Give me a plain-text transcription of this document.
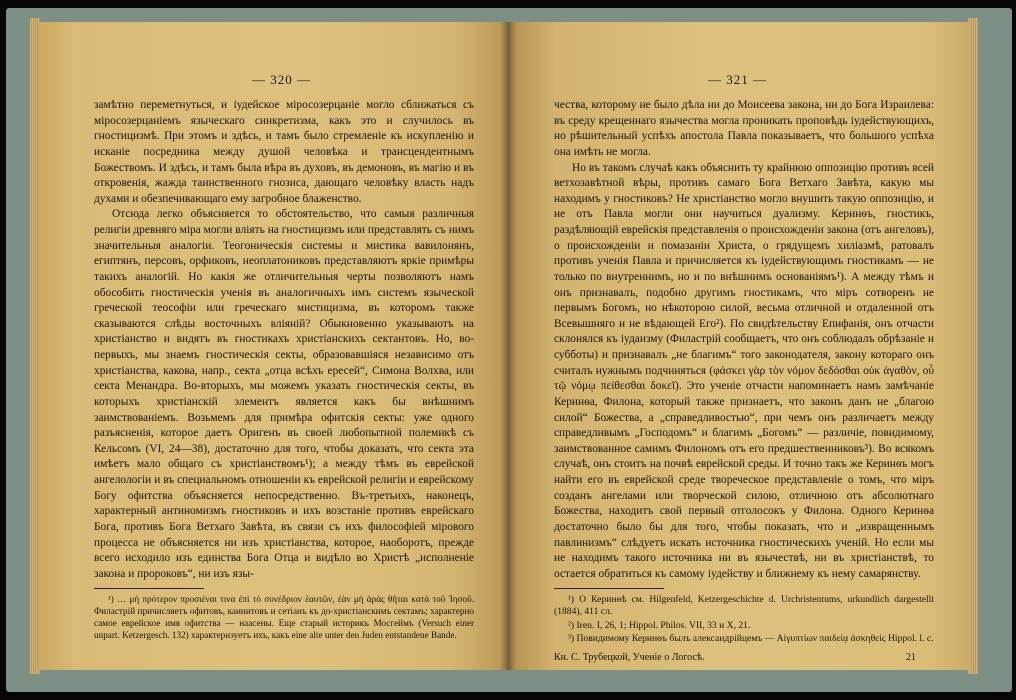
— 320 —

замѣтно переметнуться, и іудейское міросозерцаніе могло сближаться съ міросозерцаніемъ языческаго синкретизма, какъ это и случилось въ гностицизмѣ. При этомъ и здѣсь, и тамъ было стремленіе къ искупленію и исканіе посредника между душой человѣка и трансцендентнымъ Божествомъ. И здѣсь, и тамъ была вѣра въ духовъ, въ демоновъ, въ магію и въ откровенія, жажда таинственного гнозиса, дающаго человѣку власть надъ духами и обезпечивающаго ему загробное блаженство.

Отсюда легко объясняется то обстоятельство, что самыя различныя религіи древняго міра могли вліять на гностицизмъ или представлять съ нимъ значительныя аналогіи. Теогоническія системы и мистика вавилонянъ, египтянъ, персовъ, орфиковъ, неоплатониковъ представляютъ яркіе примѣры такихъ аналогій. Но какія же отличительныя черты позволяютъ намъ обособить гностическія ученія въ аналогичныхъ имъ системъ языческой греческой теософіи или греческаго мистицизма, въ которомъ также сказываются слѣды восточныхъ вліяній? Обыкновенно указываютъ на христіанство и видятъ въ гностикахъ христіанскихъ сектантовъ. Но, во-первыхъ, мы знаемъ гностическія секты, образовавшіяся независимо отъ христіанства, какова, напр., секта „отца всѣхъ ересей“, Симона Волхва, или секта Менандра. Во-вторыхъ, мы можемъ указать гностическія секты, въ которыхъ христіанскій элементъ является какъ бы внѣшнимъ заимствованіемъ. Возьмемъ для примѣра офитскія секты: уже одного разъясненія, которое даетъ Оригенъ въ своей любопытной полемикѣ съ Кельсомъ (VI, 24—38), достаточно для того, чтобы доказать, что секта эта имѣетъ мало общаго съ христіанствомъ¹); а между тѣмъ въ еврейской ангелологіи и въ специальномъ отношеніи къ еврейской религіи и еврейскому Богу офитства объясняется непосредственно. Въ-третьихъ, наконецъ, характерный антиномизмъ гностиковъ и ихъ возстаніе противъ еврейскаго Бога, противъ Бога Ветхаго Завѣта, въ связи съ ихъ философіей мірового процесса не объясняется ни изъ христіанства, которое, наоборотъ, прежде всего исходило изъ единства Бога Отца и видѣло во Христѣ „исполненіе закона и пророковъ“, ни изъ язы-

¹) … μὴ πρότερον προσιέναι τινα ἐπὶ τὸ συνέδριον ἑαυτῶν, ἐὰν μὴ ἀρὰς θῆται κατὰ τοῦ Ἰησοῦ. Филастрій причисляетъ офитовъ, каинитовъ и сетіанъ къ до-христіанскимъ сектамъ; характерно самое еврейское имя офитства — наасены. Еще старый историкъ Мосгеймъ (Versuch einer unpart. Ketzergesch. 132) характеризуетъ ихъ, какъ eine alte unter den Juden entstandene Bande.

— 321 —

чества, которому не было дѣла ни до Моисеева закона, ни до Бога Израилева: въ среду крещеннаго язычества могла проникать проповѣдь іудействующихъ, но рѣшительный успѣхъ апостола Павла показываетъ, что большого успѣха она имѣть не могла.

Но въ такомъ случаѣ какъ объяснить ту крайнюю оппозицію противъ всей ветхозавѣтной вѣры, противъ самаго Бога Ветхаго Завѣта, какую мы находимъ у гностиковъ? Не христіанство могло внушить такую оппозицію, и не отъ Павла могли они научиться дуализму. Керинѳъ, гностикъ, раздѣляющій еврейскія представленія о происхожденіи закона (отъ ангеловъ), о происхожденіи и помазаніи Христа, о грядущемъ хиліазмѣ, ратовалъ противъ ученія Павла и причисляется къ іудействующимъ гностикамъ — не только по внутреннимъ, но и по внѣшнимъ основаніямъ¹). А между тѣмъ и онъ признавалъ, подобно другимъ гностикамъ, что міръ сотворенъ не первымъ Богомъ, но нѣкоторою силой, весьма отличной и отдаленной отъ Всевышняго и не вѣдающей Его²). По свидѣтельству Епифанія, онъ отчасти склонялся къ іудаизму (Филастрій сообщаетъ, что онъ соблюдалъ обрѣзаніе и субботы) и признавалъ „не благимъ“ того законодателя, закону котораго онъ считалъ нужнымъ подчиняться (φάσκει γὰρ τὸν νόμον δεδόσθαι οὐκ ἀγαθὸν, οὗ τῷ νόμῳ πείθεσθαι δοκεῖ). Это ученіе отчасти напоминаетъ намъ замѣчаніе Керинѳа, Филона, который также признаетъ, что законъ данъ не „благою силой“ Божества, а „справедливостью“, при чемъ онъ различаетъ между справедливымъ „Господомъ“ и благимъ „Богомъ“ — различіе, повидимому, заимствованное самимъ Филономъ отъ его предшественниковъ³). Во всякомъ случаѣ, онъ стоитъ на почвѣ еврейской среды. И точно такъ же Керинѳъ могъ найти его въ еврейской среде твореческое представленіе о томъ, что міръ созданъ ангелами или творческой силою, отличною отъ абсолютнаго Божества, находитъ свой первый отголосокъ у Филона. Одного Керинѳа достаточно было бы для того, чтобы показать, что и „извращеннымъ павлинизмъ“ слѣдуетъ искать источника гностическихъ ученій. Но если мы не находимъ такого источника ни въ язычествѣ, ни въ христіанствѣ, то остается обратиться къ самому іудейству и ближнему къ нему самарянству.

¹) О Керинѳѣ см. Hilgenfeld, Ketzergeschichte d. Urchristentums, urkundlich dargestellt (1884), 411 сл.

²) Iren. I, 26, 1; Hippol. Philos. VII, 33 и X, 21.

³) Повидимому Керинѳъ былъ александрійцемъ — Αἰγυπτίων παιδείᾳ ἀσκηθείς Hippol. l. c.

Кн. С. Трубецкой, Ученіе о Логосѣ.	21
